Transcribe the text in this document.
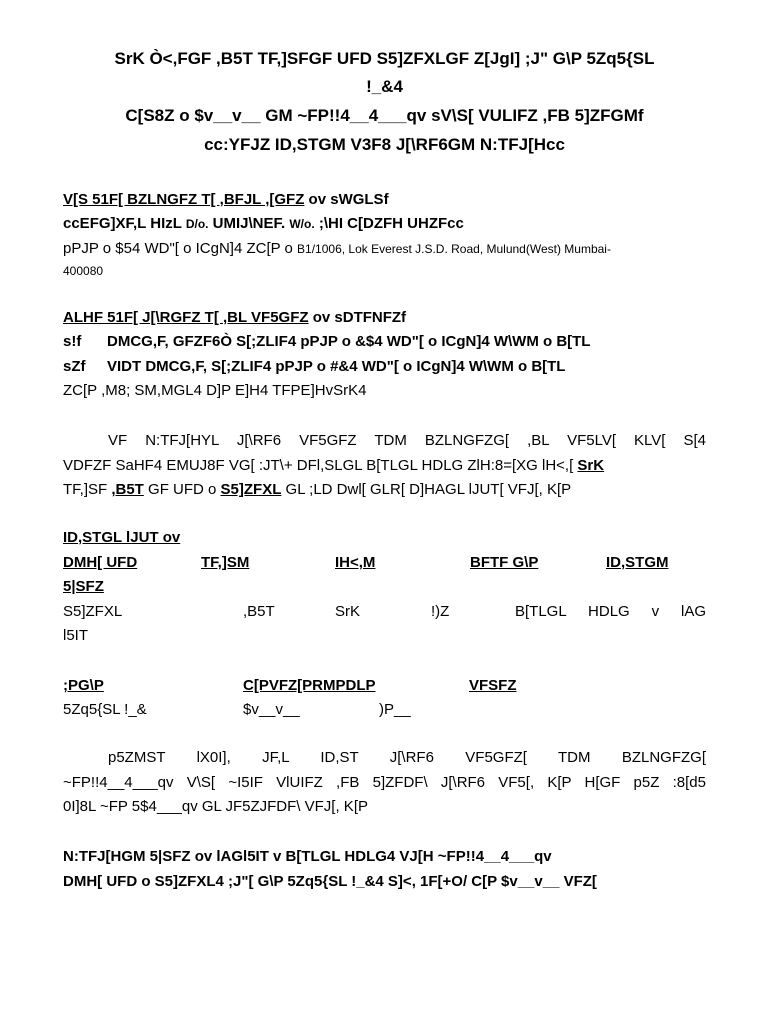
SrK Ò<,FGF ,B5T TF,]SFGF UFD S5]ZFXLGF Z[JgI] ;J" G\P 5Zq5{SL
!_&4
C[S8Z o $v__v__ GM ~FP!!4__4___qv sV\S[ VULIFZ ,FB 5]ZFGMf
cc:YFJZ ID,STGM V3F8 J[\RF6GM N:TFJ[Hcc
V[S 51F[ BZLNGFZ T[ ,BFJL ,[GFZ ov sWGLSf
ccEFG]XF,L HIzL D/o. UMIJ\NEF. W/o. ;\HI C[DZFH UHZFcc
pPJP o $54 WD"[ o ICgN]4 ZC[P o B1/1006, Lok Everest J.S.D. Road, Mulund(West) Mumbai-
400080
ALHF 51F[ J[\RGFZ T[ ,BL VF5GFZ ov sDTFNFZf
s!f DMCG,F, GFZF6Ò S[;ZLIF4 pPJP o &$4 WD"[ o ICgN]4 W\WM o B[TL
sZf VIDT DMCG,F, S[;ZLIF4 pPJP o #&4 WD"[ o ICgN]4 W\WM o B[TL
ZC[P ,M8; SM,MGL4 D]P E]H4 TFPE]HvSrK4
VF N:TFJ[HYL J[\RF6 VF5GFZ TDM BZLNGFZG[ ,BL VF5LV[ KLV[ S[4
VDFZF SaHF4 EMUJ8F VG[ :JT\+ DFl,SLGL B[TLGL HDLG ZlH:8=[XG lH<,[ SrK
TF,]SF ,B5T GF UFD o S5]ZFXL GL ;LD Dwl[ GLR[ D]HAGL lJUT[ VFJ[, K[P
ID,STGL lJUT ov
DMH[ UFD	TF,]SM	IH<,M	BFTF G\P	ID,STGM
5|SFZ
S5]ZFXL	,B5T	SrK	!)Z	B[TLGL HDLG v lAG
l5IT
;PG\P	C[PVFZ[PRMPDLP	VFSFZ
5Zq5{SL !_&	$v__v__	)P__
p5ZMST lX0I], JF,L ID,ST J[\RF6 VF5GFZ[ TDM BZLNGFZG[
~FP!!4__4___qv V\S[ ~I5IF VlUIFZ ,FB 5]ZFDF\ J[\RF6 VF5[, K[P H[GF p5Z :8[d5
0I]8L ~FP 5$4___qv GL JF5ZJFDF\ VFJ[, K[P
N:TFJ[HGM 5|SFZ ov lAGl5IT v B[TLGL HDLG4 VJ[H ~FP!!4__4___qv
DMH[ UFD o S5]ZFXL4 ;J"[ G\P 5Zq5{SL !_&4 S]<, 1F[+O/ C[P $v__v__ VFZ[
